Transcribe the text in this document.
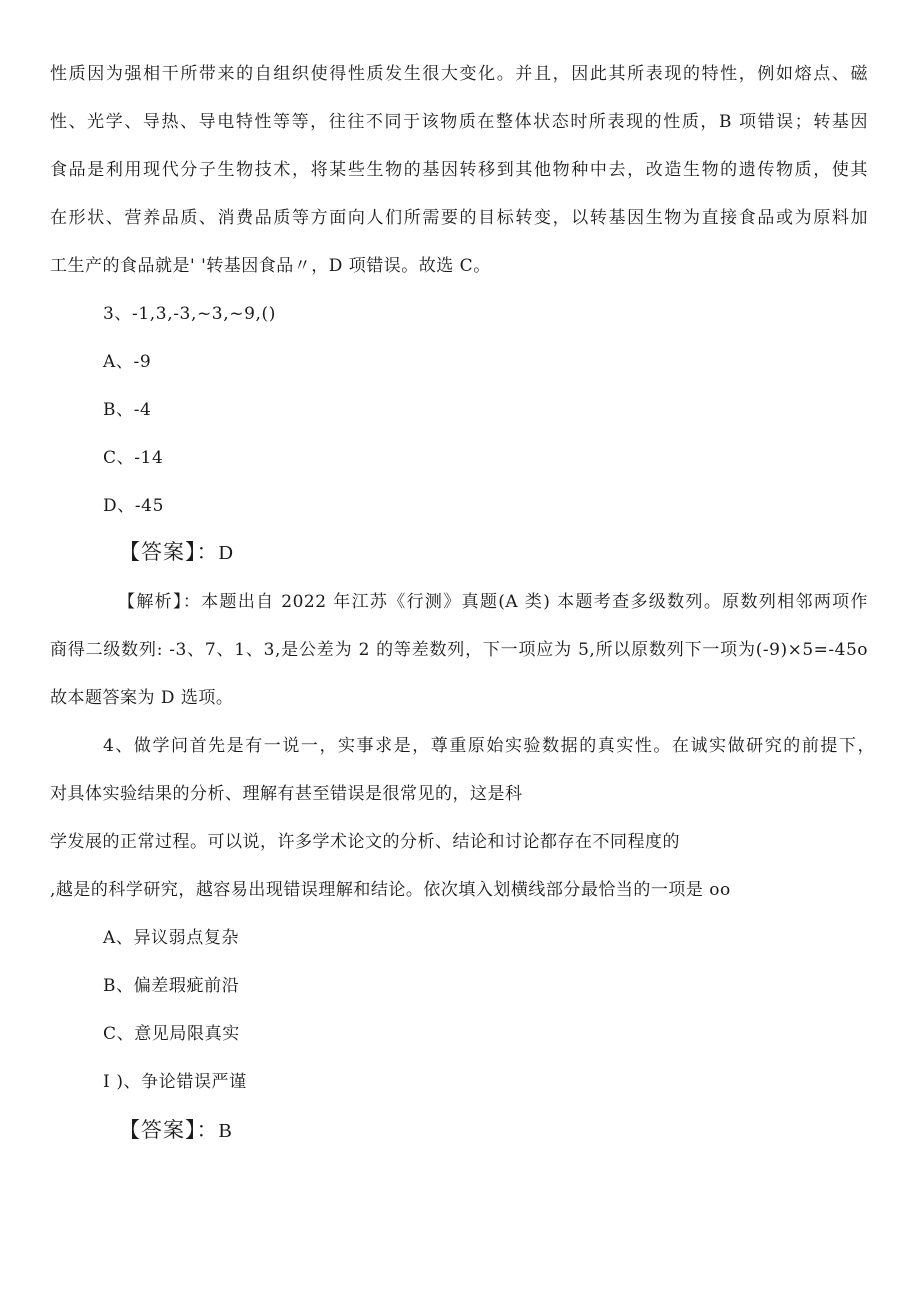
性质因为强相干所带来的自组织使得性质发生很大变化。并且，因此其所表现的特性，例如熔点、磁
性、光学、导热、导电特性等等，往往不同于该物质在整体状态时所表现的性质，B 项错误；转基因
食品是利用现代分子生物技术，将某些生物的基因转移到其他物种中去，改造生物的遗传物质，使其
在形状、营养品质、消费品质等方面向人们所需要的目标转变，以转基因生物为直接食品或为原料加
工生产的食品就是' '转基因食品〃，D 项错误。故选 C。
3、-1,3,-3,~3,~9,()
A、-9
B、-4
C、-14
D、-45
【答案】：D
【解析】：本题出自 2022 年江苏《行测》真题(A 类) 本题考查多级数列。原数列相邻两项作
商得二级数列: -3、7、1、3,是公差为 2 的等差数列，下一项应为 5,所以原数列下一项为(-9)×5=-45o
故本题答案为 D 选项。
4、做学问首先是有一说一，实事求是，尊重原始实验数据的真实性。在诚实做研究的前提下，
对具体实验结果的分析、理解有甚至错误是很常见的，这是科
学发展的正常过程。可以说，许多学术论文的分析、结论和讨论都存在不同程度的
,越是的科学研究，越容易出现错误理解和结论。依次填入划横线部分最恰当的一项是 oo
A、异议弱点复杂
B、偏差瑕疵前沿
C、意见局限真实
I )、争论错误严谨
【答案】：B
